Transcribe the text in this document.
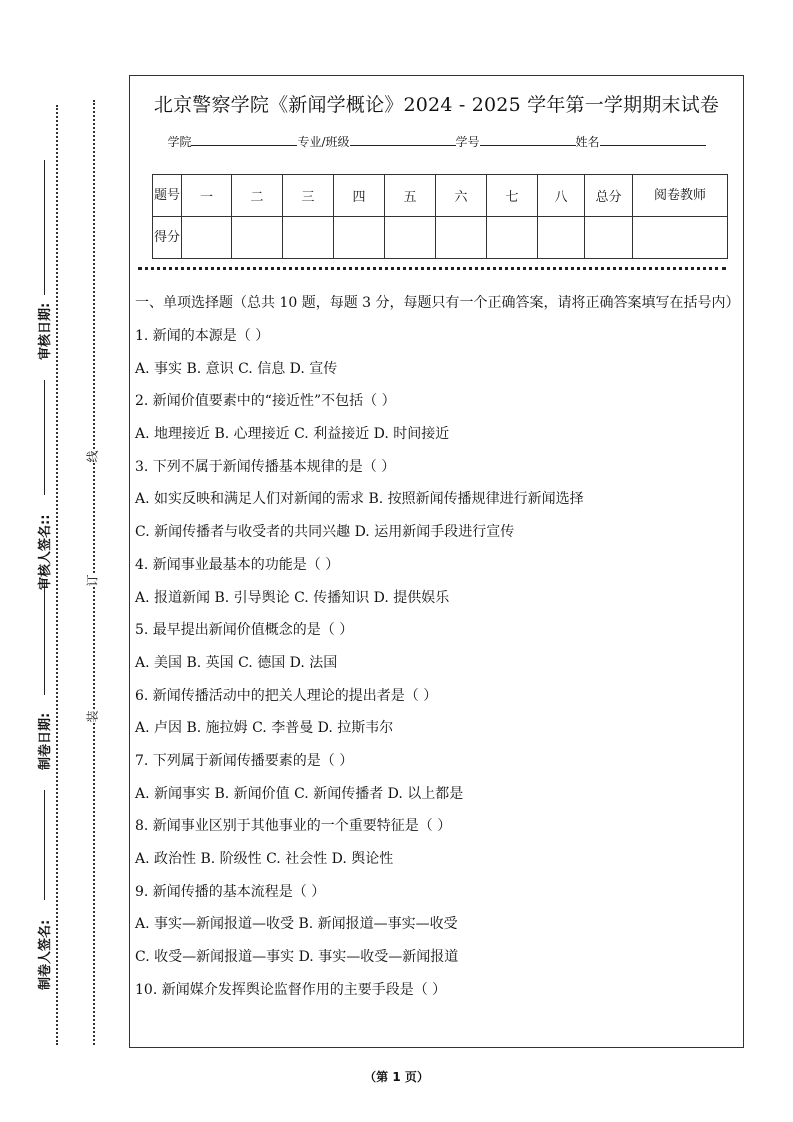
审核日期:
审核人签名::
制卷日期:
制卷人签名:
线
订
装
北京警察学院《新闻学概论》2024 - 2025 学年第一学期期末试卷
学院	专业/班级	学号	姓名
题号	一	二	三	四	五	六	七	八	总分	阅卷教师
得分										
一、单项选择题（总共 10 题，每题 3 分，每题只有一个正确答案，请将正确答案填写在括号内）
1. 新闻的本源是（ ）
A. 事实 B. 意识 C. 信息 D. 宣传
2. 新闻价值要素中的“接近性”不包括（ ）
A. 地理接近 B. 心理接近 C. 利益接近 D. 时间接近
3. 下列不属于新闻传播基本规律的是（ ）
A. 如实反映和满足人们对新闻的需求 B. 按照新闻传播规律进行新闻选择
C. 新闻传播者与收受者的共同兴趣 D. 运用新闻手段进行宣传
4. 新闻事业最基本的功能是（ ）
A. 报道新闻 B. 引导舆论 C. 传播知识 D. 提供娱乐
5. 最早提出新闻价值概念的是（ ）
A. 美国 B. 英国 C. 德国 D. 法国
6. 新闻传播活动中的把关人理论的提出者是（ ）
A. 卢因 B. 施拉姆 C. 李普曼 D. 拉斯韦尔
7. 下列属于新闻传播要素的是（ ）
A. 新闻事实 B. 新闻价值 C. 新闻传播者 D. 以上都是
8. 新闻事业区别于其他事业的一个重要特征是（ ）
A. 政治性 B. 阶级性 C. 社会性 D. 舆论性
9. 新闻传播的基本流程是（ ）
A. 事实—新闻报道—收受 B. 新闻报道—事实—收受
C. 收受—新闻报道—事实 D. 事实—收受—新闻报道
10. 新闻媒介发挥舆论监督作用的主要手段是（ ）
（第 1 页）
